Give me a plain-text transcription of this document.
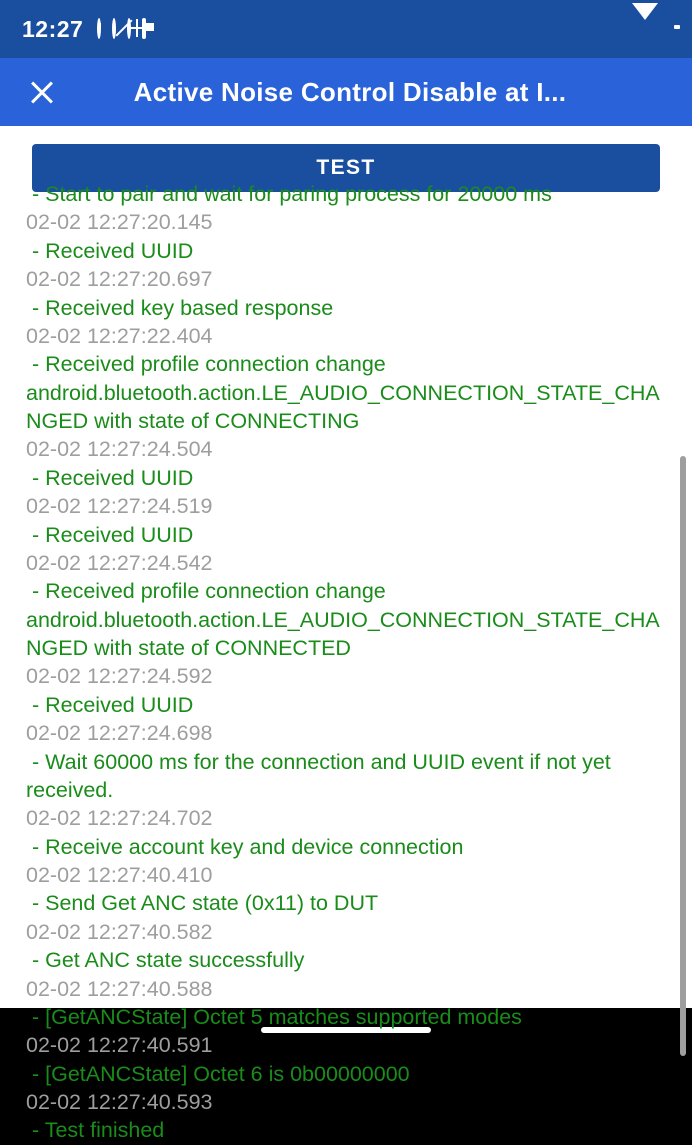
12:27
Active Noise Control Disable at I...
TEST
- Start to pair and wait for paring process for 20000 ms
02-02 12:27:20.145
- Received UUID
02-02 12:27:20.697
- Received key based response
02-02 12:27:22.404
- Received profile connection change android.bluetooth.action.LE_AUDIO_CONNECTION_STATE_CHANGED with state of CONNECTING
02-02 12:27:24.504
- Received UUID
02-02 12:27:24.519
- Received UUID
02-02 12:27:24.542
- Received profile connection change android.bluetooth.action.LE_AUDIO_CONNECTION_STATE_CHANGED with state of CONNECTED
02-02 12:27:24.592
- Received UUID
02-02 12:27:24.698
- Wait 60000 ms for the connection and UUID event if not yet received.
02-02 12:27:24.702
- Receive account key and device connection
02-02 12:27:40.410
- Send Get ANC state (0x11) to DUT
02-02 12:27:40.582
- Get ANC state successfully
02-02 12:27:40.588
- [GetANCState] Octet 5 matches supported modes
02-02 12:27:40.591
- [GetANCState] Octet 6 is 0b00000000
02-02 12:27:40.593
- Test finished
